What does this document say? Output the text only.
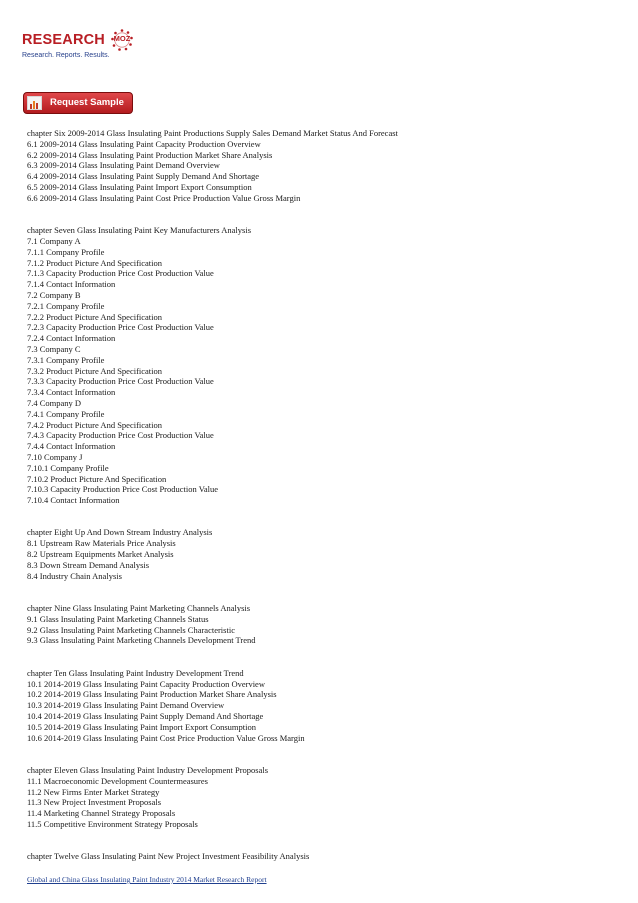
RESEARCH	MOZ
Research. Reports. Results.
Request Sample
chapter Six 2009-2014 Glass Insulating Paint Productions Supply Sales Demand Market Status And Forecast
6.1 2009-2014 Glass Insulating Paint Capacity Production Overview
6.2 2009-2014 Glass Insulating Paint Production Market Share Analysis
6.3 2009-2014 Glass Insulating Paint Demand Overview
6.4 2009-2014 Glass Insulating Paint Supply Demand And Shortage
6.5 2009-2014 Glass Insulating Paint Import Export Consumption
6.6 2009-2014 Glass Insulating Paint Cost Price Production Value Gross Margin
chapter Seven Glass Insulating Paint Key Manufacturers Analysis
7.1 Company A
7.1.1 Company Profile
7.1.2 Product Picture And Specification
7.1.3 Capacity Production Price Cost Production Value
7.1.4 Contact Information
7.2 Company B
7.2.1 Company Profile
7.2.2 Product Picture And Specification
7.2.3 Capacity Production Price Cost Production Value
7.2.4 Contact Information
7.3 Company C
7.3.1 Company Profile
7.3.2 Product Picture And Specification
7.3.3 Capacity Production Price Cost Production Value
7.3.4 Contact Information
7.4 Company D
7.4.1 Company Profile
7.4.2 Product Picture And Specification
7.4.3 Capacity Production Price Cost Production Value
7.4.4 Contact Information
7.10 Company J
7.10.1 Company Profile
7.10.2 Product Picture And Specification
7.10.3 Capacity Production Price Cost Production Value
7.10.4 Contact Information
chapter Eight Up And Down Stream Industry Analysis
8.1 Upstream Raw Materials Price Analysis
8.2 Upstream Equipments Market Analysis
8.3 Down Stream Demand Analysis
8.4 Industry Chain Analysis
chapter Nine Glass Insulating Paint Marketing Channels Analysis
9.1 Glass Insulating Paint Marketing Channels Status
9.2 Glass Insulating Paint Marketing Channels Characteristic
9.3 Glass Insulating Paint Marketing Channels Development Trend
chapter Ten Glass Insulating Paint Industry Development Trend
10.1 2014-2019 Glass Insulating Paint Capacity Production Overview
10.2 2014-2019 Glass Insulating Paint Production Market Share Analysis
10.3 2014-2019 Glass Insulating Paint Demand Overview
10.4 2014-2019 Glass Insulating Paint Supply Demand And Shortage
10.5 2014-2019 Glass Insulating Paint Import Export Consumption
10.6 2014-2019 Glass Insulating Paint Cost Price Production Value Gross Margin
chapter Eleven Glass Insulating Paint Industry Development Proposals
11.1 Macroeconomic Development Countermeasures
11.2 New Firms Enter Market Strategy
11.3 New Project Investment Proposals
11.4 Marketing Channel Strategy Proposals
11.5 Competitive Environment Strategy Proposals
chapter Twelve Glass Insulating Paint New Project Investment Feasibility Analysis
Global and China Glass Insulating Paint Industry 2014 Market Research Report
